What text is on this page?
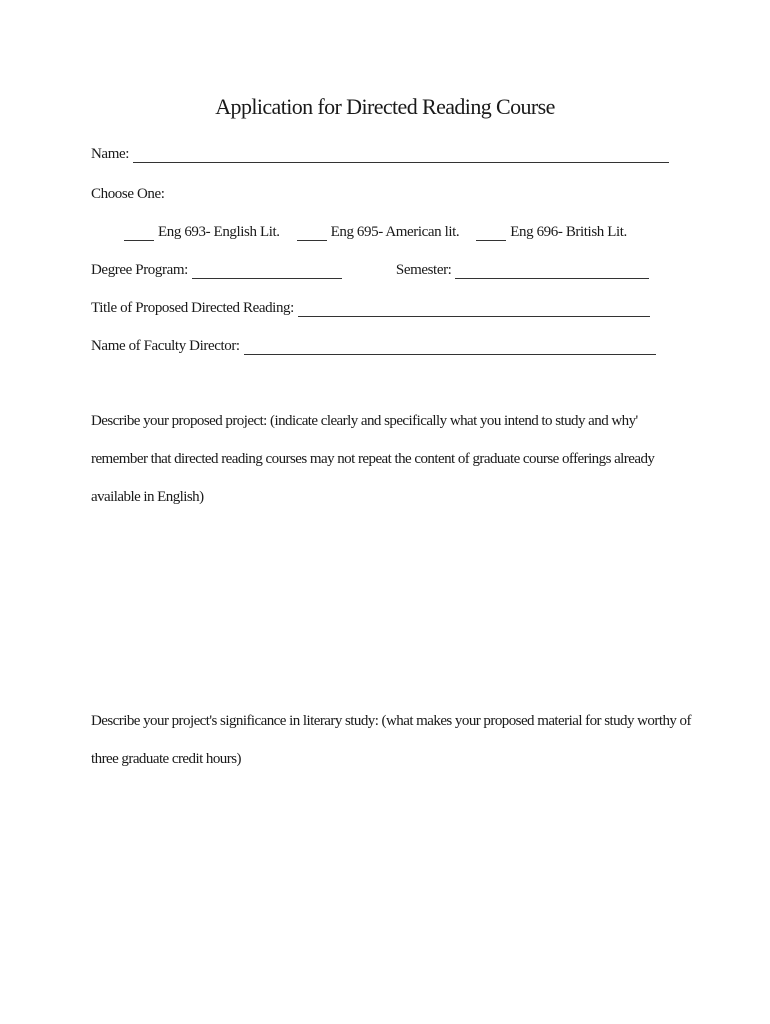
Application for Directed Reading Course
Name:
Choose One:
Eng 693- English Lit.	Eng 695- American lit.	Eng 696- British Lit.
Degree Program:	Semester:
Title of Proposed Directed Reading:
Name of Faculty Director:

Describe your proposed project: (indicate clearly and specifically what you intend to study and why' remember that directed reading courses may not repeat the content of graduate course offerings already available in English)

Describe your project's significance in literary study: (what makes your proposed material for study worthy of three graduate credit hours)
